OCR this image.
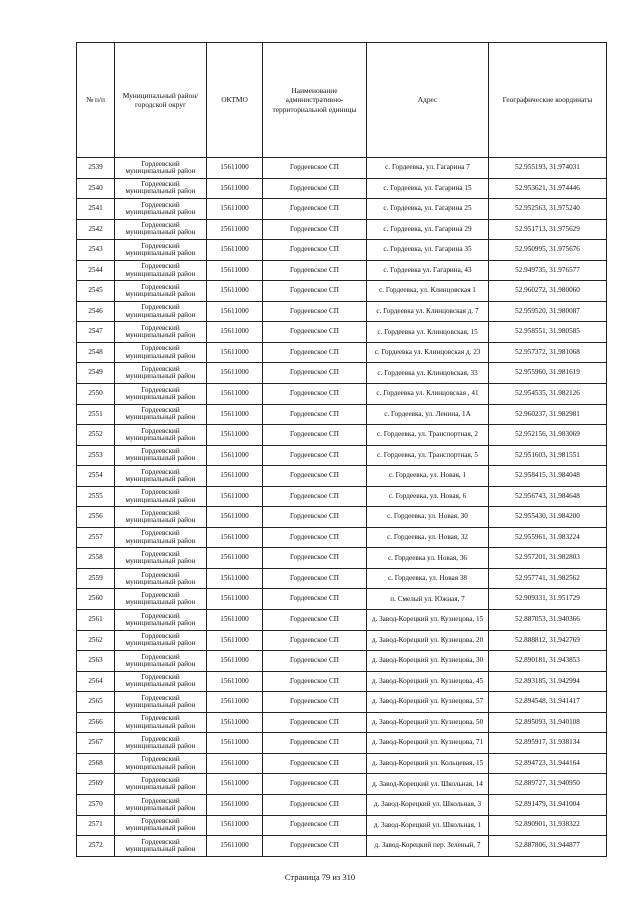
№ п/п	Муниципальный район/городской округ	ОКТМО	Наименование административно-территориальной единицы	Адрес	Географические координаты
2539	Гордеевский муниципальный район	15611000	Гордеевское СП	с. Гордеевка, ул. Гагарина 7	52.955193, 31.974031
2540	Гордеевский муниципальный район	15611000	Гордеевское СП	с. Гордеевка, ул. Гагарина 15	52.953621, 31.974446
2541	Гордеевский муниципальный район	15611000	Гордеевское СП	с. Гордеевка, ул. Гагарина 25	52.952563, 31.975240
2542	Гордеевский муниципальный район	15611000	Гордеевское СП	с. Гордеевка, ул. Гагарина 29	52.951713, 31.975629
2543	Гордеевский муниципальный район	15611000	Гордеевское СП	с. Гордеевка, ул. Гагарина 35	52.950995, 31.975676
2544	Гордеевский муниципальный район	15611000	Гордеевское СП	с. Гордеевка ул. Гагарина, 43	52.949735, 31.976577
2545	Гордеевский муниципальный район	15611000	Гордеевское СП	с. Гордеевка, ул. Клинцовская 1	52.960272, 31.980060
2546	Гордеевский муниципальный район	15611000	Гордеевское СП	с. Гордеевка ул. Клинцовская д. 7	52.959520, 31.980087
2547	Гордеевский муниципальный район	15611000	Гордеевское СП	с. Гордеевка ул. Клинцовская, 15	52.958551, 31.980585
2548	Гордеевский муниципальный район	15611000	Гордеевское СП	с. Гордеевка ул. Клинцовская д. 23	52.957372, 31.981068
2549	Гордеевский муниципальный район	15611000	Гордеевское СП	с. Гордеевка ул. Клинцовская, 33	52.955960, 31.981619
2550	Гордеевский муниципальный район	15611000	Гордеевское СП	с. Гордеевка ул. Клинцовская , 41	52.954535, 31.982126
2551	Гордеевский муниципальный район	15611000	Гордеевское СП	с. Гордеевка, ул. Ленина, 1А	52.960237, 31.982981
2552	Гордеевский муниципальный район	15611000	Гордеевское СП	с. Гордеевка, ул. Транспортная, 2	52.952156, 31.983069
2553	Гордеевский муниципальный район	15611000	Гордеевское СП	с. Гордеевка, ул. Транспортная, 5	52.951603, 31.981551
2554	Гордеевский муниципальный район	15611000	Гордеевское СП	с. Гордеевка, ул. Новая, 1	52.958415, 31.984048
2555	Гордеевский муниципальный район	15611000	Гордеевское СП	с. Гордеевка, ул. Новая, 6	52.956743, 31.984648
2556	Гордеевский муниципальный район	15611000	Гордеевское СП	с. Гордеевка, ул. Новая, 30	52.955430, 31.984200
2557	Гордеевский муниципальный район	15611000	Гордеевское СП	с. Гордеевка, ул. Новая, 32	52.955961, 31.983224
2558	Гордеевский муниципальный район	15611000	Гордеевское СП	с. Гордеевка ул. Новая, 36	52.957201, 31.982803
2559	Гордеевский муниципальный район	15611000	Гордеевское СП	с. Гордеевка, ул. Новая 38	52.957741, 31.982562
2560	Гордеевский муниципальный район	15611000	Гордеевское СП	п. Смелый ул. Южная, 7	52.909331, 31.951729
2561	Гордеевский муниципальный район	15611000	Гордеевское СП	д. Завод-Корецкий ул. Кузнецова, 15	52.887053, 31.940366
2562	Гордеевский муниципальный район	15611000	Гордеевское СП	д. Завод-Корецкий ул. Кузнецова, 20	52.888812, 31.942769
2563	Гордеевский муниципальный район	15611000	Гордеевское СП	д. Завод-Корецкий ул. Кузнецова, 30	52.890181, 31.943853
2564	Гордеевский муниципальный район	15611000	Гордеевское СП	д. Завод-Корецкий ул. Кузнецова, 45	52.893185, 31.942994
2565	Гордеевский муниципальный район	15611000	Гордеевское СП	д. Завод-Корецкий ул. Кузнецова, 57	52.894548, 31.941417
2566	Гордеевский муниципальный район	15611000	Гордеевское СП	д. Завод-Корецкий ул. Кузнецова, 50	52.895093, 31.940108
2567	Гордеевский муниципальный район	15611000	Гордеевское СП	д. Завод-Корецкий ул. Кузнецова, 71	52.895917, 31.938134
2568	Гордеевский муниципальный район	15611000	Гордеевское СП	д. Завод-Корецкий ул. Кольцевая, 15	52.894723, 31.944164
2569	Гордеевский муниципальный район	15611000	Гордеевское СП	д. Завод-Корецкий ул. Школьная, 14	52.889727, 31.940950
2570	Гордеевский муниципальный район	15611000	Гордеевское СП	д. Завод-Корецкий ул. Школьная, 3	52.891479, 31.941004
2571	Гордеевский муниципальный район	15611000	Гордеевское СП	д. Завод-Корецкий ул. Школьная, 1	52.890901, 31.938322
2572	Гордеевский муниципальный район	15611000	Гордеевское СП	д. Завод-Корецкий пер. Зеленый, 7	52.887806, 31.944877
Страница 79 из 310
